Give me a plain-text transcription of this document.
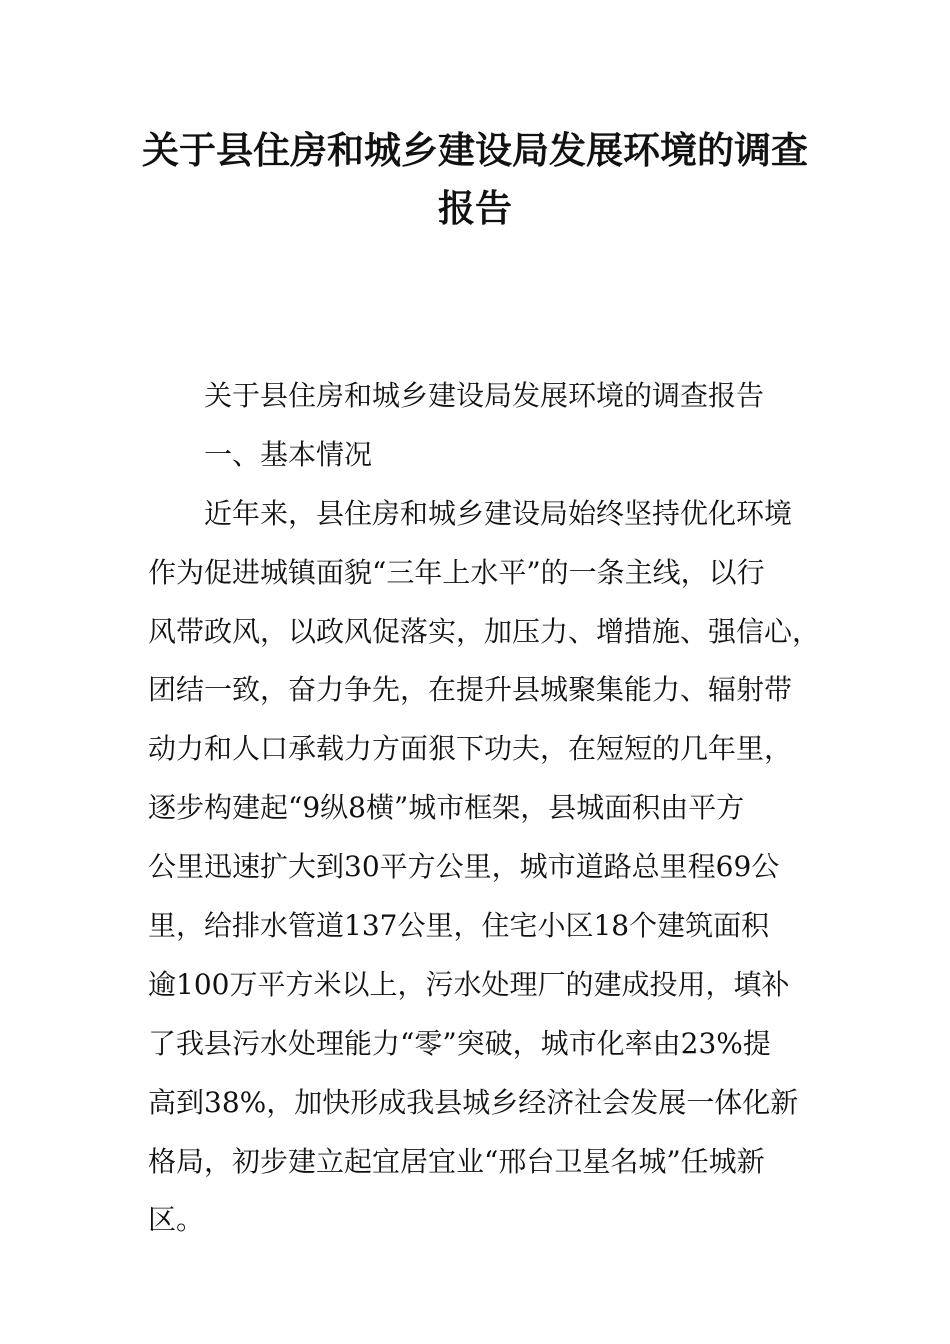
关于县住房和城乡建设局发展环境的调查
报告
关于县住房和城乡建设局发展环境的调查报告
一、基本情况
近年来，县住房和城乡建设局始终坚持优化环境
作为促进城镇面貌“三年上水平”的一条主线，以行
风带政风，以政风促落实，加压力、增措施、强信心，
团结一致，奋力争先，在提升县城聚集能力、辐射带
动力和人口承载力方面狠下功夫，在短短的几年里，
逐步构建起“9纵8横”城市框架，县城面积由平方
公里迅速扩大到30平方公里，城市道路总里程69公
里，给排水管道137公里，住宅小区18个建筑面积
逾100万平方米以上，污水处理厂的建成投用，填补
了我县污水处理能力“零”突破，城市化率由23%提
高到38%，加快形成我县城乡经济社会发展一体化新
格局，初步建立起宜居宜业“邢台卫星名城”任城新
区。
